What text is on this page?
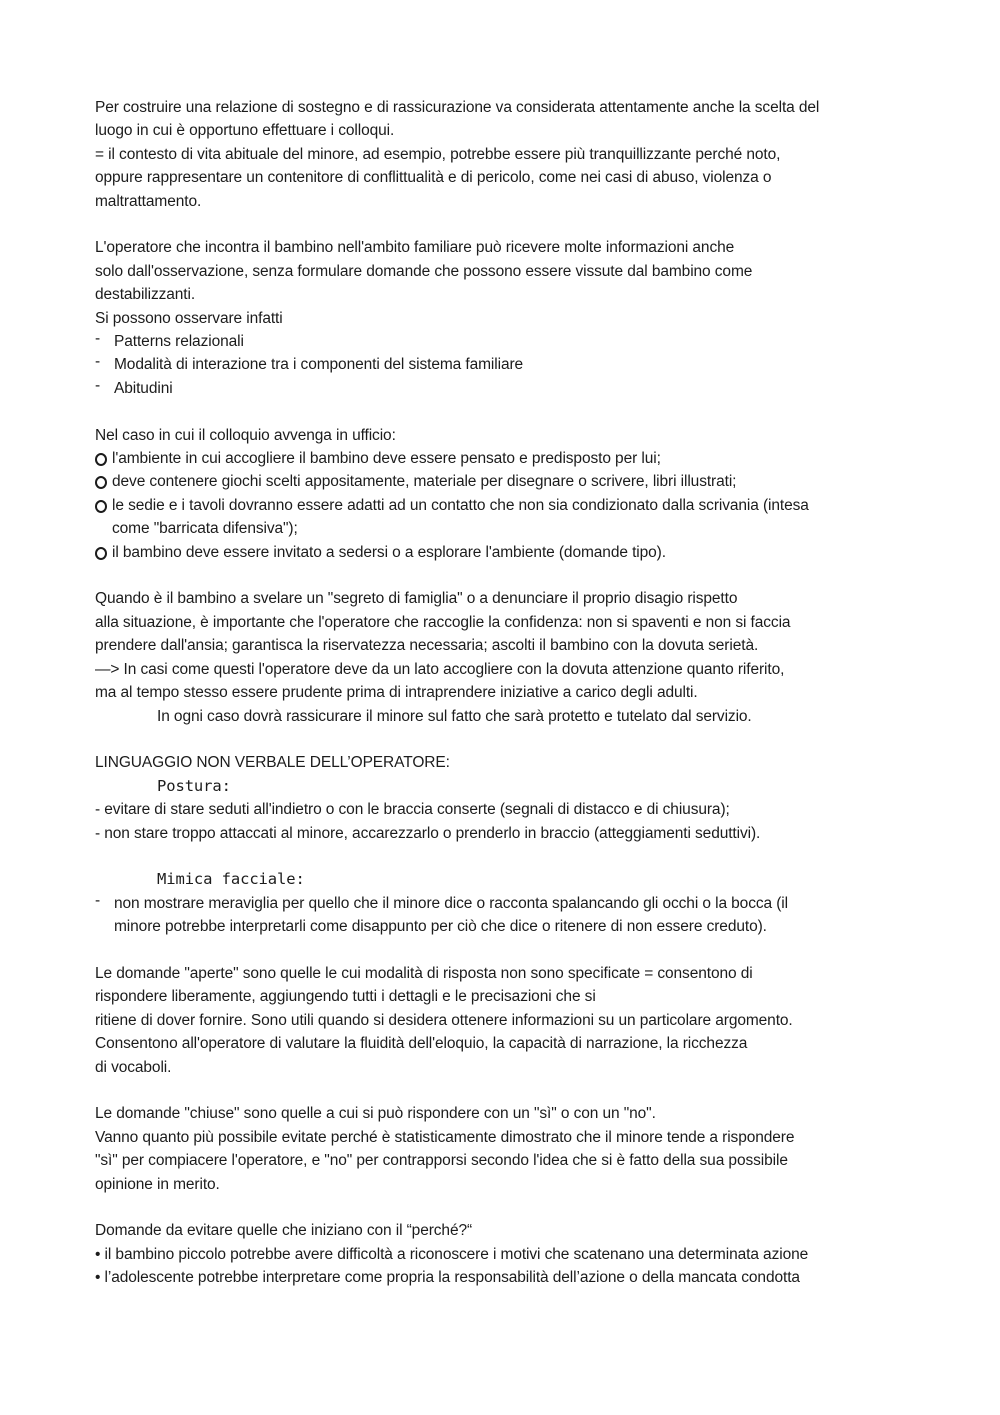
Per costruire una relazione di sostegno e di rassicurazione va considerata attentamente anche la scelta del
luogo in cui è opportuno effettuare i colloqui.
= il contesto di vita abituale del minore, ad esempio, potrebbe essere più tranquillizzante perché noto,
oppure rappresentare un contenitore di conflittualità e di pericolo, come nei casi di abuso, violenza o
maltrattamento.
L'operatore che incontra il bambino nell'ambito familiare può ricevere molte informazioni anche
solo dall'osservazione, senza formulare domande che possono essere vissute dal bambino come
destabilizzanti.
Si possono osservare infatti
- Patterns relazionali
- Modalità di interazione tra i componenti del sistema familiare
- Abitudini
Nel caso in cui il colloquio avvenga in ufficio:
l'ambiente in cui accogliere il bambino deve essere pensato e predisposto per lui;
deve contenere giochi scelti appositamente, materiale per disegnare o scrivere, libri illustrati;
le sedie e i tavoli dovranno essere adatti ad un contatto che non sia condizionato dalla scrivania (intesa
come "barricata difensiva");
il bambino deve essere invitato a sedersi o a esplorare l'ambiente (domande tipo).
Quando è il bambino a svelare un "segreto di famiglia" o a denunciare il proprio disagio rispetto
alla situazione, è importante che l'operatore che raccoglie la confidenza: non si spaventi e non si faccia
prendere dall'ansia; garantisca la riservatezza necessaria; ascolti il bambino con la dovuta serietà.
—> In casi come questi l'operatore deve da un lato accogliere con la dovuta attenzione quanto riferito,
ma al tempo stesso essere prudente prima di intraprendere iniziative a carico degli adulti.
In ogni caso dovrà rassicurare il minore sul fatto che sarà protetto e tutelato dal servizio.
LINGUAGGIO NON VERBALE DELL’OPERATORE:
Postura:
- evitare di stare seduti all'indietro o con le braccia conserte (segnali di distacco e di chiusura);
- non stare troppo attaccati al minore, accarezzarlo o prenderlo in braccio (atteggiamenti seduttivi).
Mimica facciale:
- non mostrare meraviglia per quello che il minore dice o racconta spalancando gli occhi o la bocca (il
minore potrebbe interpretarli come disappunto per ciò che dice o ritenere di non essere creduto).
Le domande "aperte" sono quelle le cui modalità di risposta non sono specificate = consentono di
rispondere liberamente, aggiungendo tutti i dettagli e le precisazioni che si
ritiene di dover fornire. Sono utili quando si desidera ottenere informazioni su un particolare argomento.
Consentono all'operatore di valutare la fluidità dell'eloquio, la capacità di narrazione, la ricchezza
di vocaboli.
Le domande "chiuse" sono quelle a cui si può rispondere con un "sì" o con un "no".
Vanno quanto più possibile evitate perché è statisticamente dimostrato che il minore tende a rispondere
"sì" per compiacere l'operatore, e "no" per contrapporsi secondo l'idea che si è fatto della sua possibile
opinione in merito.
Domande da evitare quelle che iniziano con il “perché?“
• il bambino piccolo potrebbe avere difficoltà a riconoscere i motivi che scatenano una determinata azione
• l’adolescente potrebbe interpretare come propria la responsabilità dell’azione o della mancata condotta
